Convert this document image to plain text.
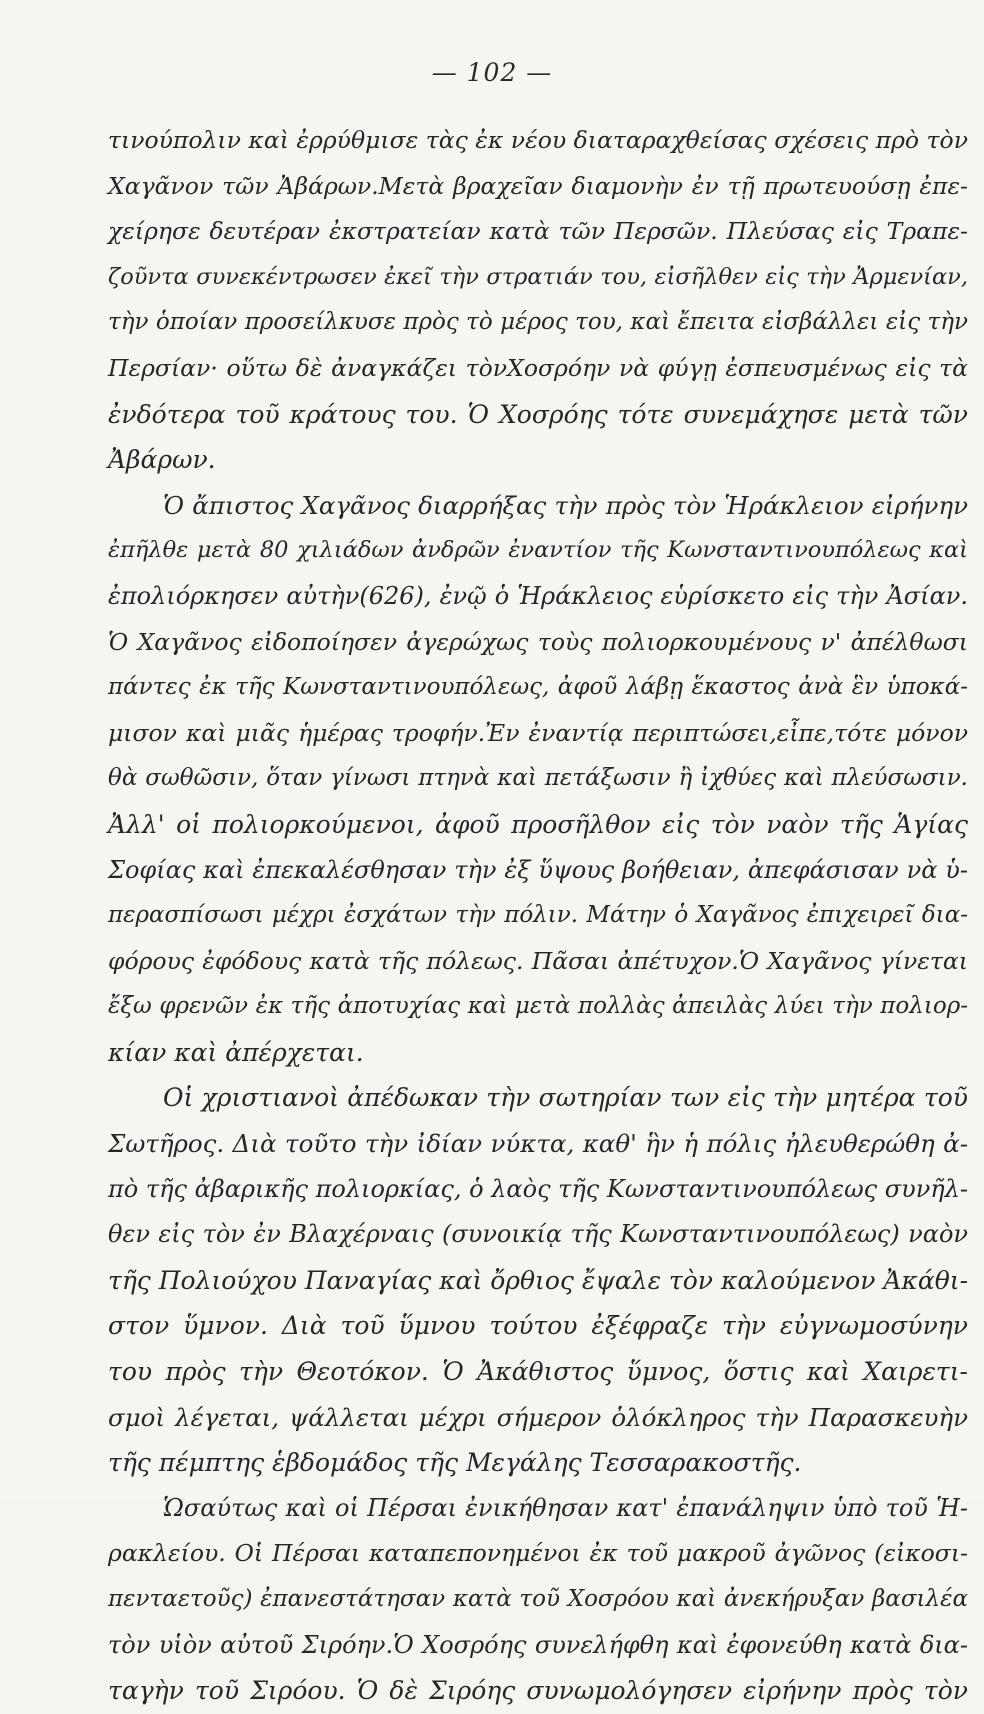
— 102 —
τινούπολιν καὶ ἐρρύθμισε τὰς ἐκ νέου διαταραχθείσας σχέσεις πρὸ τὸν
Χαγᾶνον τῶν Ἀβάρων.Μετὰ βραχεῖαν διαμονὴν ἐν τῇ πρωτευούσῃ ἐπε-
χείρησε δευτέραν ἐκστρατείαν κατὰ τῶν Περσῶν. Πλεύσας εἰς Τραπε-
ζοῦντα συνεκέντρωσεν ἐκεῖ τὴν στρατιάν του, εἰσῆλθεν εἰς τὴν Ἀρμενίαν,
τὴν ὁποίαν προσείλκυσε πρὸς τὸ μέρος του, καὶ ἔπειτα εἰσβάλλει εἰς τὴν
Περσίαν· οὕτω δὲ ἀναγκάζει τὸνΧοσρόην νὰ φύγῃ ἐσπευσμένως εἰς τὰ
ἐνδότερα τοῦ κράτους του. Ὁ Χοσρόης τότε συνεμάχησε μετὰ τῶν
Ἀβάρων.
Ὁ ἄπιστος Χαγᾶνος διαρρήξας τὴν πρὸς τὸν Ἡράκλειον εἰρήνην
ἐπῆλθε μετὰ 80 χιλιάδων ἀνδρῶν ἐναντίον τῆς Κωνσταντινουπόλεως καὶ
ἐπολιόρκησεν αὐτὴν(626), ἐνῷ ὁ Ἡράκλειος εὑρίσκετο εἰς τὴν Ἀσίαν.
Ὁ Χαγᾶνος εἰδοποίησεν ἀγερώχως τοὺς πολιορκουμένους ν' ἀπέλθωσι
πάντες ἐκ τῆς Κωνσταντινουπόλεως, ἀφοῦ λάβῃ ἕκαστος ἀνὰ ἓν ὑποκά-
μισον καὶ μιᾶς ἡμέρας τροφήν.Ἐν ἐναντίᾳ περιπτώσει,εἶπε,τότε μόνον
θὰ σωθῶσιν, ὅταν γίνωσι πτηνὰ καὶ πετάξωσιν ἢ ἰχθύες καὶ πλεύσωσιν.
Ἀλλ' οἱ πολιορκούμενοι, ἀφοῦ προσῆλθον εἰς τὸν ναὸν τῆς Ἁγίας
Σοφίας καὶ ἐπεκαλέσθησαν τὴν ἐξ ὕψους βοήθειαν, ἀπεφάσισαν νὰ ὑ-
περασπίσωσι μέχρι ἐσχάτων τὴν πόλιν. Μάτην ὁ Χαγᾶνος ἐπιχειρεῖ δια-
φόρους ἐφόδους κατὰ τῆς πόλεως. Πᾶσαι ἀπέτυχον.Ὁ Χαγᾶνος γίνεται
ἔξω φρενῶν ἐκ τῆς ἀποτυχίας καὶ μετὰ πολλὰς ἀπειλὰς λύει τὴν πολιορ-
κίαν καὶ ἀπέρχεται.
Οἱ χριστιανοὶ ἀπέδωκαν τὴν σωτηρίαν των εἰς τὴν μητέρα τοῦ
Σωτῆρος. Διὰ τοῦτο τὴν ἰδίαν νύκτα, καθ' ἣν ἡ πόλις ἠλευθερώθη ἀ-
πὸ τῆς ἀβαρικῆς πολιορκίας, ὁ λαὸς τῆς Κωνσταντινουπόλεως συνῆλ-
θεν εἰς τὸν ἐν Βλαχέρναις (συνοικίᾳ τῆς Κωνσταντινουπόλεως) ναὸν
τῆς Πολιούχου Παναγίας καὶ ὄρθιος ἔψαλε τὸν καλούμενον Ἀκάθι-
στον ὕμνον. Διὰ τοῦ ὕμνου τούτου ἐξέφραζε τὴν εὐγνωμοσύνην
του πρὸς τὴν Θεοτόκον. Ὁ Ἀκάθιστος ὕμνος, ὅστις καὶ Χαιρετι-
σμοὶ λέγεται, ψάλλεται μέχρι σήμερον ὁλόκληρος τὴν Παρασκευὴν
τῆς πέμπτης ἑβδομάδος τῆς Μεγάλης Τεσσαρακοστῆς.
Ὡσαύτως καὶ οἱ Πέρσαι ἐνικήθησαν κατ' ἐπανάληψιν ὑπὸ τοῦ Ἡ-
ρακλείου. Οἱ Πέρσαι καταπεπονημένοι ἐκ τοῦ μακροῦ ἀγῶνος (εἰκοσι-
πενταετοῦς) ἐπανεστάτησαν κατὰ τοῦ Χοσρόου καὶ ἀνεκήρυξαν βασιλέα
τὸν υἱὸν αὐτοῦ Σιρόην.Ὁ Χοσρόης συνελήφθη καὶ ἐφονεύθη κατὰ δια-
ταγὴν τοῦ Σιρόου. Ὁ δὲ Σιρόης συνωμολόγησεν εἰρήνην πρὸς τὸν
